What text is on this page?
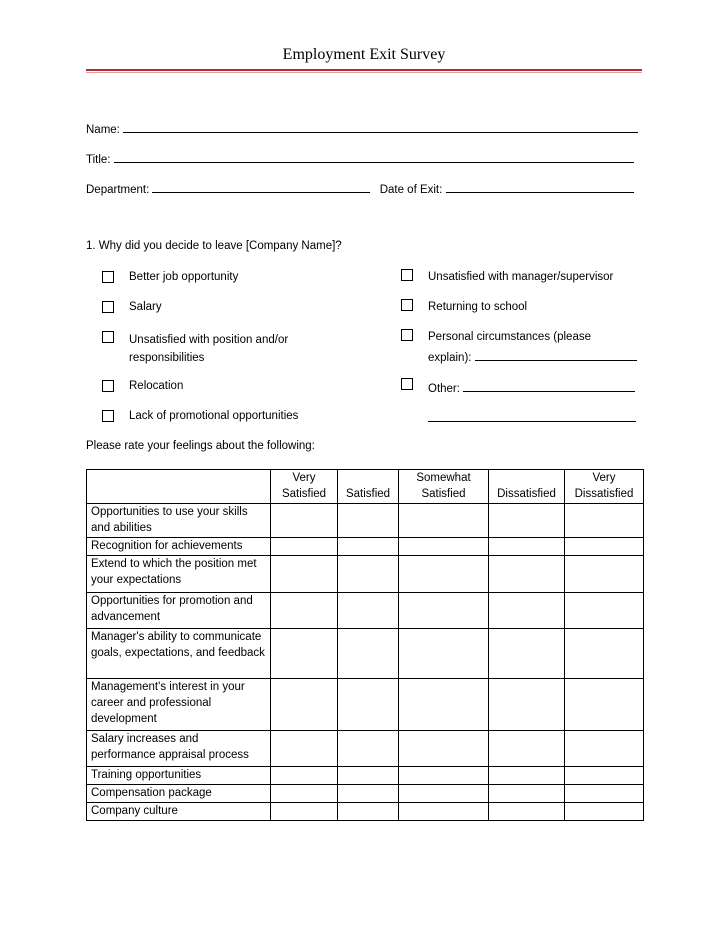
Employment Exit Survey
Name:
Title:
Department:	Date of Exit:
1. Why did you decide to leave [Company Name]?
Better job opportunity
Salary
Unsatisfied with position and/or responsibilities
Relocation
Lack of promotional opportunities
Unsatisfied with manager/supervisor
Returning to school
Personal circumstances (please
explain):
Other:
Please rate your feelings about the following:
	Very Satisfied	Satisfied	Somewhat Satisfied	Dissatisfied	Very Dissatisfied
Opportunities to use your skills and abilities					
Recognition for achievements					
Extend to which the position met your expectations					
Opportunities for promotion and advancement					
Manager's ability to communicate goals, expectations, and feedback					
Management's interest in your career and professional development					
Salary increases and performance appraisal process					
Training opportunities					
Compensation package					
Company culture					
